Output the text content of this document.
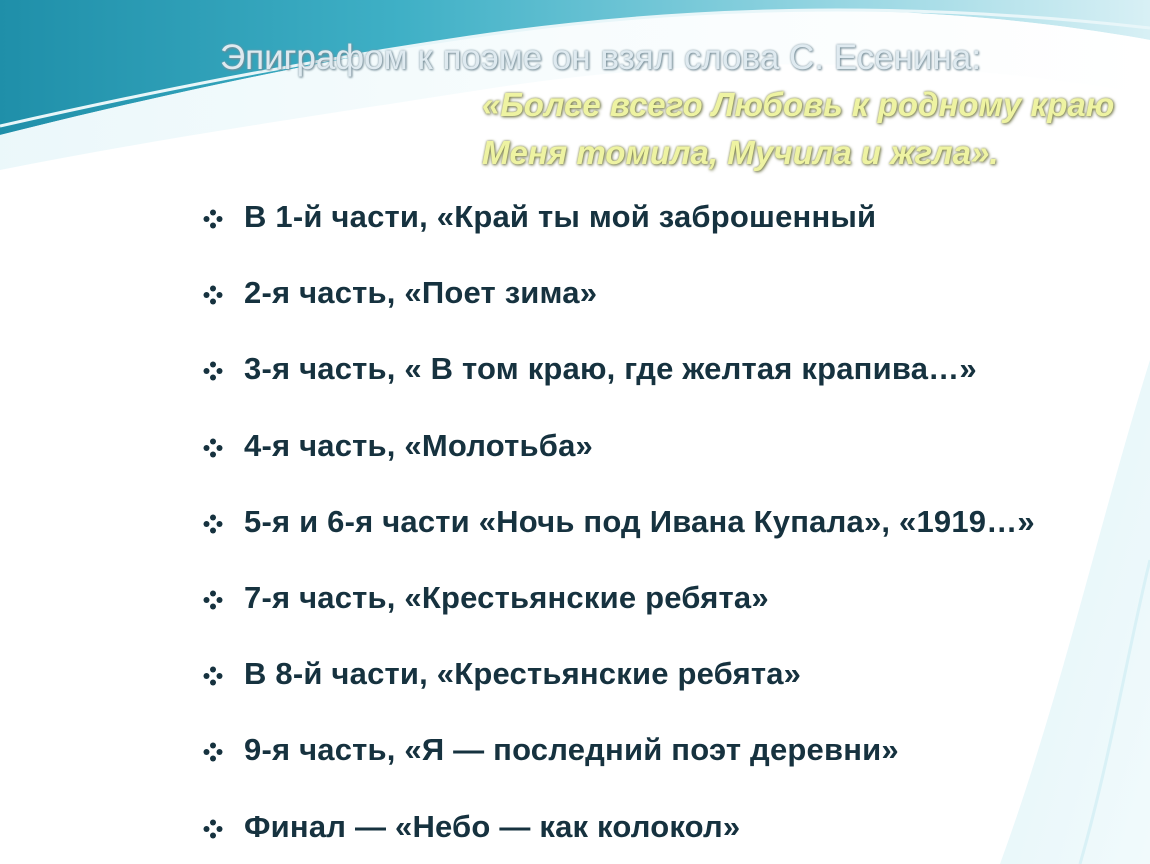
Эпиграфом к поэме он взял слова С. Есенина:
«Более всего Любовь к родному краю
Меня томила, Мучила и жгла».
В 1-й части, «Край ты мой заброшенный
2-я часть, «Поет зима»
3-я часть, « В том краю, где желтая крапива…»
4-я часть, «Молотьба»
5-я и 6-я части «Ночь под Ивана Купала», «1919…»
7-я часть, «Крестьянские ребята»
В 8-й части, «Крестьянские ребята»
9-я часть, «Я — последний поэт деревни»
Финал — «Небо — как колокол»
